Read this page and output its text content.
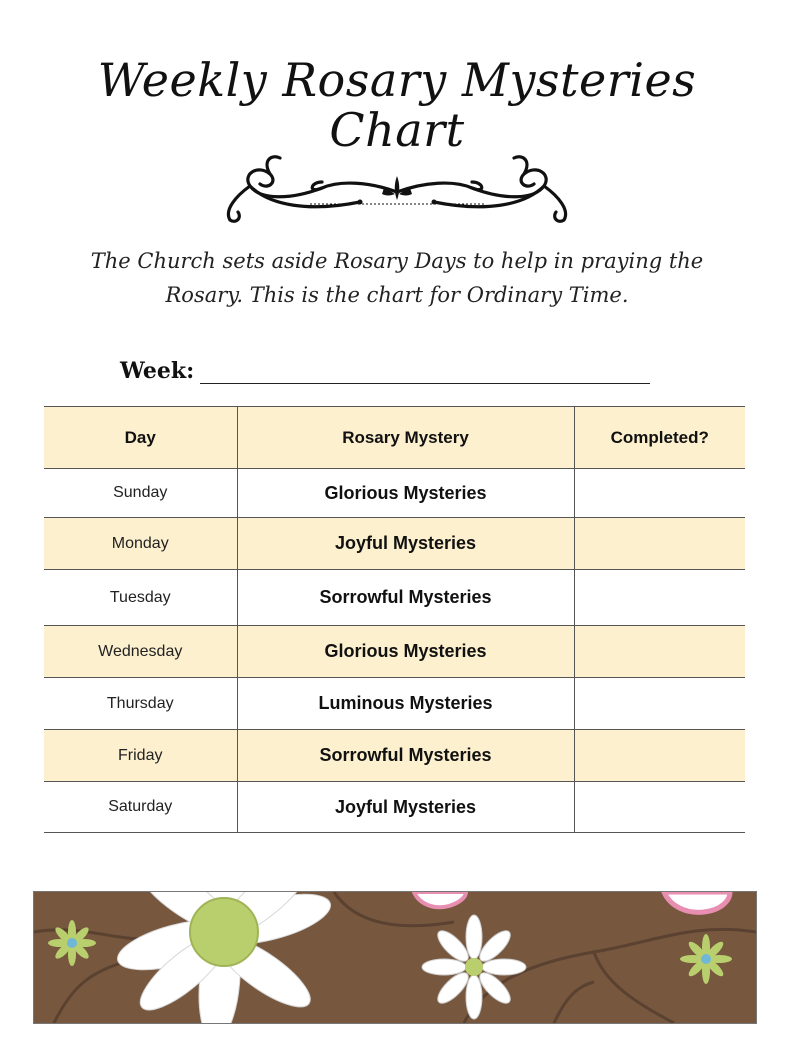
Weekly Rosary Mysteries
Chart
The Church sets aside Rosary Days to help in praying the
Rosary. This is the chart for Ordinary Time.
Week:
Day	Rosary Mystery	Completed?
Sunday	Glorious Mysteries	
Monday	Joyful Mysteries	
Tuesday	Sorrowful Mysteries	
Wednesday	Glorious Mysteries	
Thursday	Luminous Mysteries	
Friday	Sorrowful Mysteries	
Saturday	Joyful Mysteries	
